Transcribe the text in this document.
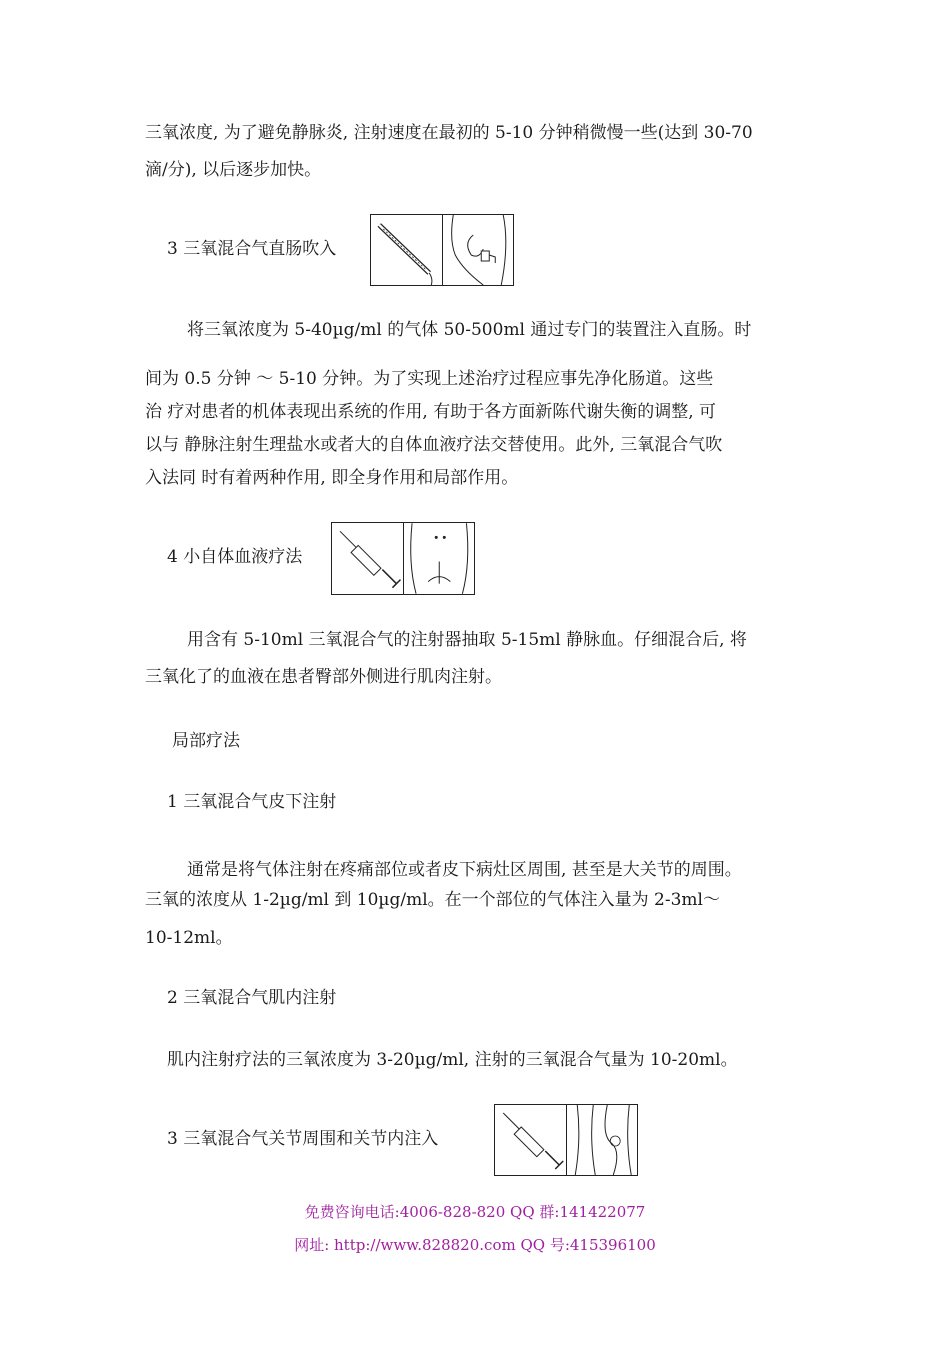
三氧浓度, 为了避免静脉炎, 注射速度在最初的 5-10 分钟稍微慢一些(达到 30-70
滴/分), 以后逐步加快。
3 三氧混合气直肠吹入
将三氧浓度为 5-40µg/ml 的气体 50-500ml 通过专门的装置注入直肠。时
间为 0.5 分钟 ～ 5-10 分钟。为了实现上述治疗过程应事先净化肠道。这些
治 疗对患者的机体表现出系统的作用, 有助于各方面新陈代谢失衡的调整, 可
以与 静脉注射生理盐水或者大的自体血液疗法交替使用。此外, 三氧混合气吹
入法同 时有着两种作用, 即全身作用和局部作用。
4 小自体血液疗法
用含有 5-10ml 三氧混合气的注射器抽取 5-15ml 静脉血。仔细混合后, 将
三氧化了的血液在患者臀部外侧进行肌肉注射。
局部疗法
1 三氧混合气皮下注射
通常是将气体注射在疼痛部位或者皮下病灶区周围, 甚至是大关节的周围。
三氧的浓度从 1-2µg/ml 到 10µg/ml。在一个部位的气体注入量为 2-3ml～
10-12ml。
2 三氧混合气肌内注射
肌内注射疗法的三氧浓度为 3-20µg/ml, 注射的三氧混合气量为 10-20ml。
3 三氧混合气关节周围和关节内注入
免费咨询电话:4006-828-820 QQ 群:141422077
网址: http://www.828820.com QQ 号:415396100
